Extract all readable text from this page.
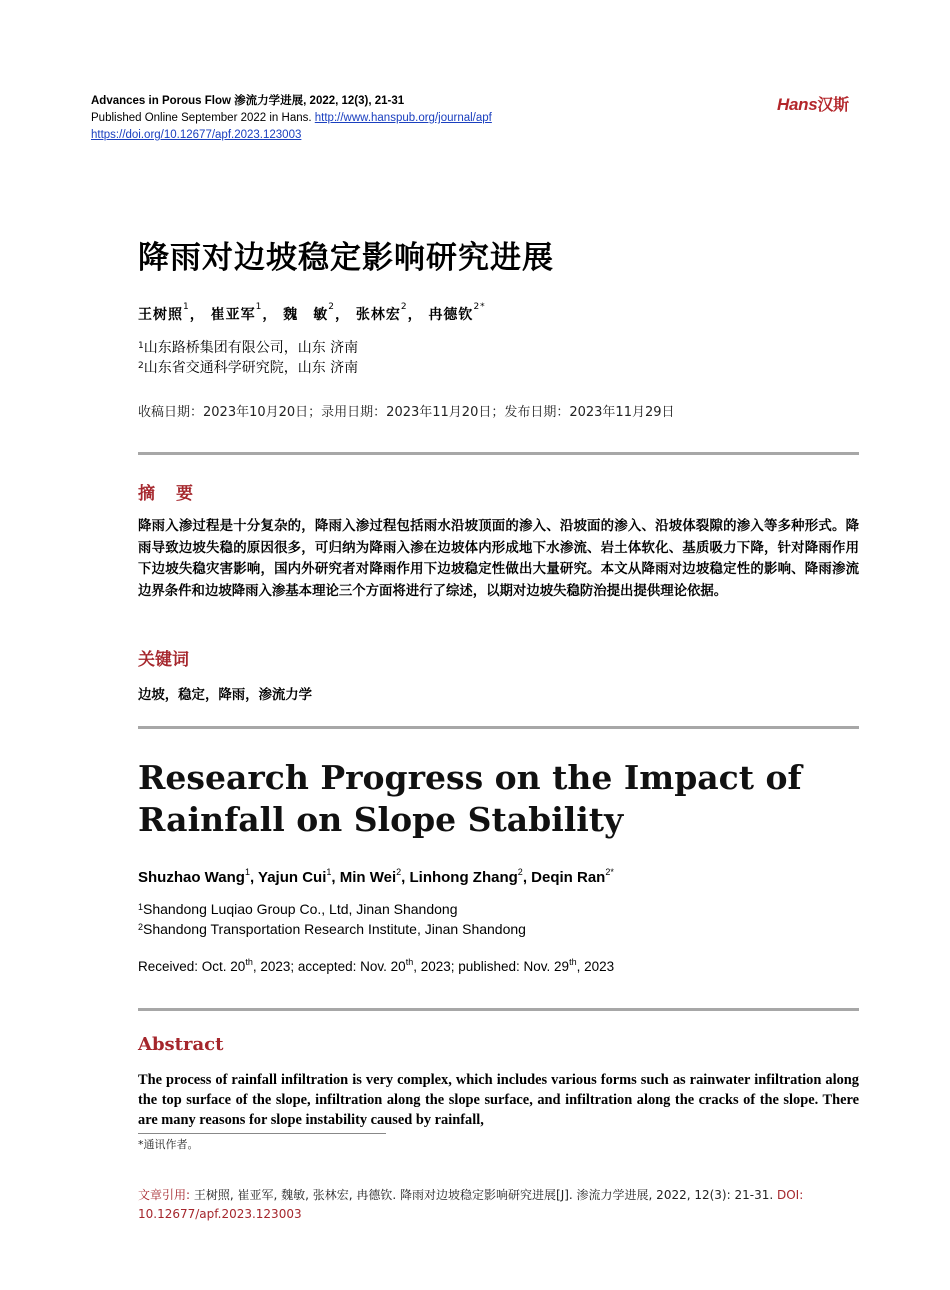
Advances in Porous Flow 渗流力学进展, 2022, 12(3), 21-31
Published Online September 2022 in Hans. http://www.hanspub.org/journal/apf
https://doi.org/10.12677/apf.2023.123003
Hans汉斯
降雨对边坡稳定影响研究进展
王树照$^1$， 崔亚军$^1$， 魏　敏$^2$， 张林宏$^2$， 冉德钦$^{2*}$
$^1$山东路桥集团有限公司，山东 济南
$^2$山东省交通科学研究院，山东 济南
收稿日期：2023年10月20日；录用日期：2023年11月20日；发布日期：2023年11月29日
摘　要
降雨入渗过程是十分复杂的，降雨入渗过程包括雨水沿坡顶面的渗入、沿坡面的渗入、沿坡体裂隙的渗入等多种形式。降雨导致边坡失稳的原因很多，可归纳为降雨入渗在边坡体内形成地下水渗流、岩土体软化、基质吸力下降，针对降雨作用下边坡失稳灾害影响，国内外研究者对降雨作用下边坡稳定性做出大量研究。本文从降雨对边坡稳定性的影响、降雨渗流边界条件和边坡降雨入渗基本理论三个方面将进行了综述，以期对边坡失稳防治提出提供理论依据。
关键词
边坡，稳定，降雨，渗流力学
Research Progress on the Impact of Rainfall on Slope Stability
Shuzhao Wang$^1$, Yajun Cui$^1$, Min Wei$^2$, Linhong Zhang$^2$, Deqin Ran$^{2*}$
$^1$Shandong Luqiao Group Co., Ltd, Jinan Shandong
$^2$Shandong Transportation Research Institute, Jinan Shandong
Received: Oct. 20th, 2023; accepted: Nov. 20th, 2023; published: Nov. 29th, 2023
Abstract
The process of rainfall infiltration is very complex, which includes various forms such as rainwater infiltration along the top surface of the slope, infiltration along the slope surface, and infiltration along the cracks of the slope. There are many reasons for slope instability caused by rainfall,
*通讯作者。
文章引用: 王树照, 崔亚军, 魏敏, 张林宏, 冉德钦. 降雨对边坡稳定影响研究进展[J]. 渗流力学进展, 2022, 12(3): 21-31. DOI: 10.12677/apf.2023.123003
